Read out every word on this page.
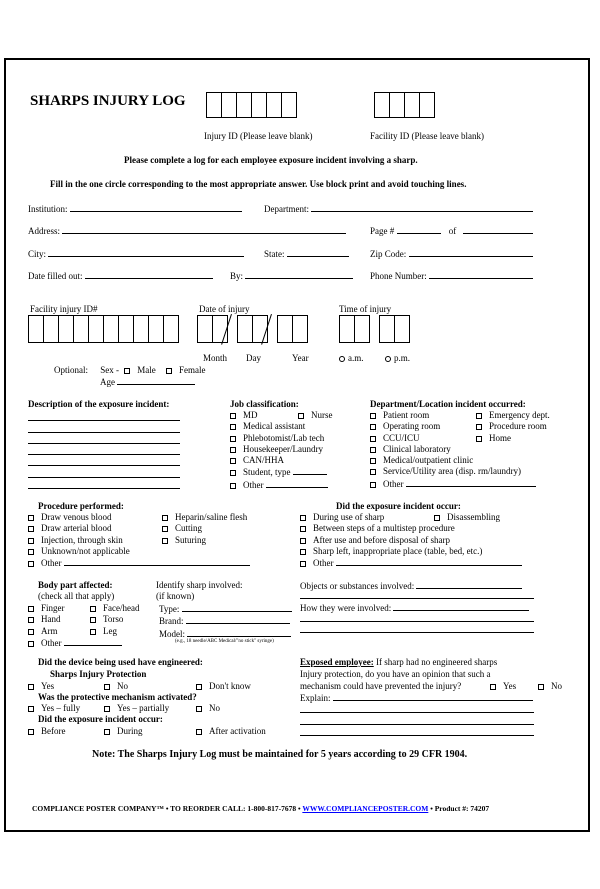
SHARPS INJURY LOG
Injury ID (Please leave blank)	Facility ID (Please leave blank)
Please complete a log for each employee exposure incident involving a sharp.
Fill in the one circle corresponding to the most appropriate answer. Use block print and avoid touching lines.
Institution:	Department:
Address:	Page #	of
City:	State:	Zip Code:
Date filled out:	By:	Phone Number:
Facility injury ID#	Date of injury	Time of injury
Month Day	Year	a.m.	p.m.
Optional: Sex - Male	Female
Age
Description of the exposure incident:	Job classification:
MD
Medical assistant
Phlebotomist/Lab tech
Housekeeper/Laundry
CAN/HHA
Student, type
Other
Nurse
Department/Location incident occurred:
Patient room
Operating room
CCU/ICU
Clinical laboratory
Medical/outpatient clinic
Service/Utility area (disp. rm/laundry)
Other
Emergency dept.
Procedure room
Home
Procedure performed:
Draw venous blood
Draw arterial blood
Injection, through skin
Unknown/not applicable
Other
Heparin/saline flesh
Cutting
Suturing
Did the exposure incident occur:
During use of sharp
Between steps of a multistep procedure
After use and before disposal of sharp
Sharp left, inappropriate place (table, bed, etc.)
Other
Disassembling
Body part affected:
(check all that apply)
Finger
Hand
Arm
Other
Face/head
Torso
Leg
Identify sharp involved:
(if known)
Type:
Brand:
Model:
(e.g., 18 needle/ABC Medical/"no stick" syringe)
Objects or substances involved:
How they were involved:
Did the device being used have engineered:
Sharps Injury Protection
Yes	No	Don't know
Was the protective mechanism activated?
Yes – fully	Yes – partially	No
Did the exposure incident occur:
Before	During	After activation
Exposed employee: If sharp had no engineered sharps
Injury protection, do you have an opinion that such a
mechanism could have prevented the injury?	Yes	No
Explain:
Note: The Sharps Injury Log must be maintained for 5 years according to 29 CFR 1904.
COMPLIANCE POSTER COMPANY™ • TO REORDER CALL: 1-800-817-7678 • WWW.COMPLIANCEPOSTER.COM • Product #: 74207
